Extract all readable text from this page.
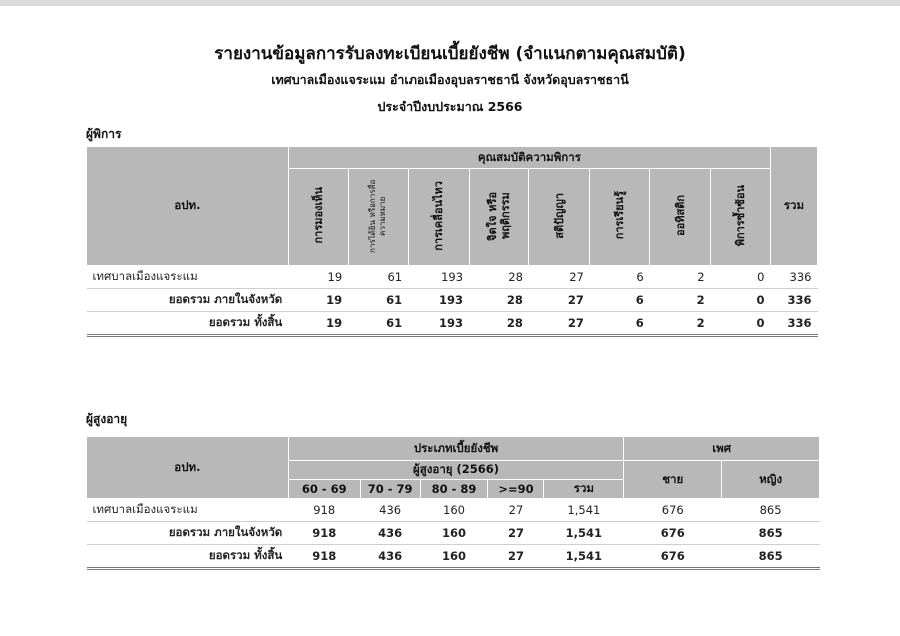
รายงานข้อมูลการรับลงทะเบียนเบี้ยยังชีพ (จำแนกตามคุณสมบัติ)
เทศบาลเมืองแจระแม อำเภอเมืองอุบลราชธานี จังหวัดอุบลราชธานี
ประจำปีงบประมาณ 2566
ผู้พิการ
อปท.	คุณสมบัติความพิการ								รวม
	การมองเห็น	การได้ยิน หรือการสื่อความหมาย	การเคลื่อนไหว	จิตใจ หรือ พฤติกรรม	สติปัญญา	การเรียนรู้	ออทิสติก	พิการซ้ำซ้อน	
เทศบาลเมืองแจระแม	19	61	193	28	27	6	2	0	336
ยอดรวม ภายในจังหวัด	19	61	193	28	27	6	2	0	336
ยอดรวม ทั้งสิ้น	19	61	193	28	27	6	2	0	336
ผู้สูงอายุ
อปท.	ประเภทเบี้ยยังชีพ					เพศ	
	ผู้สูงอายุ (2566)					ชาย	หญิง
	60 - 69	70 - 79	80 - 89	>=90	รวม		
เทศบาลเมืองแจระแม	918	436	160	27	1,541	676	865
ยอดรวม ภายในจังหวัด	918	436	160	27	1,541	676	865
ยอดรวม ทั้งสิ้น	918	436	160	27	1,541	676	865
